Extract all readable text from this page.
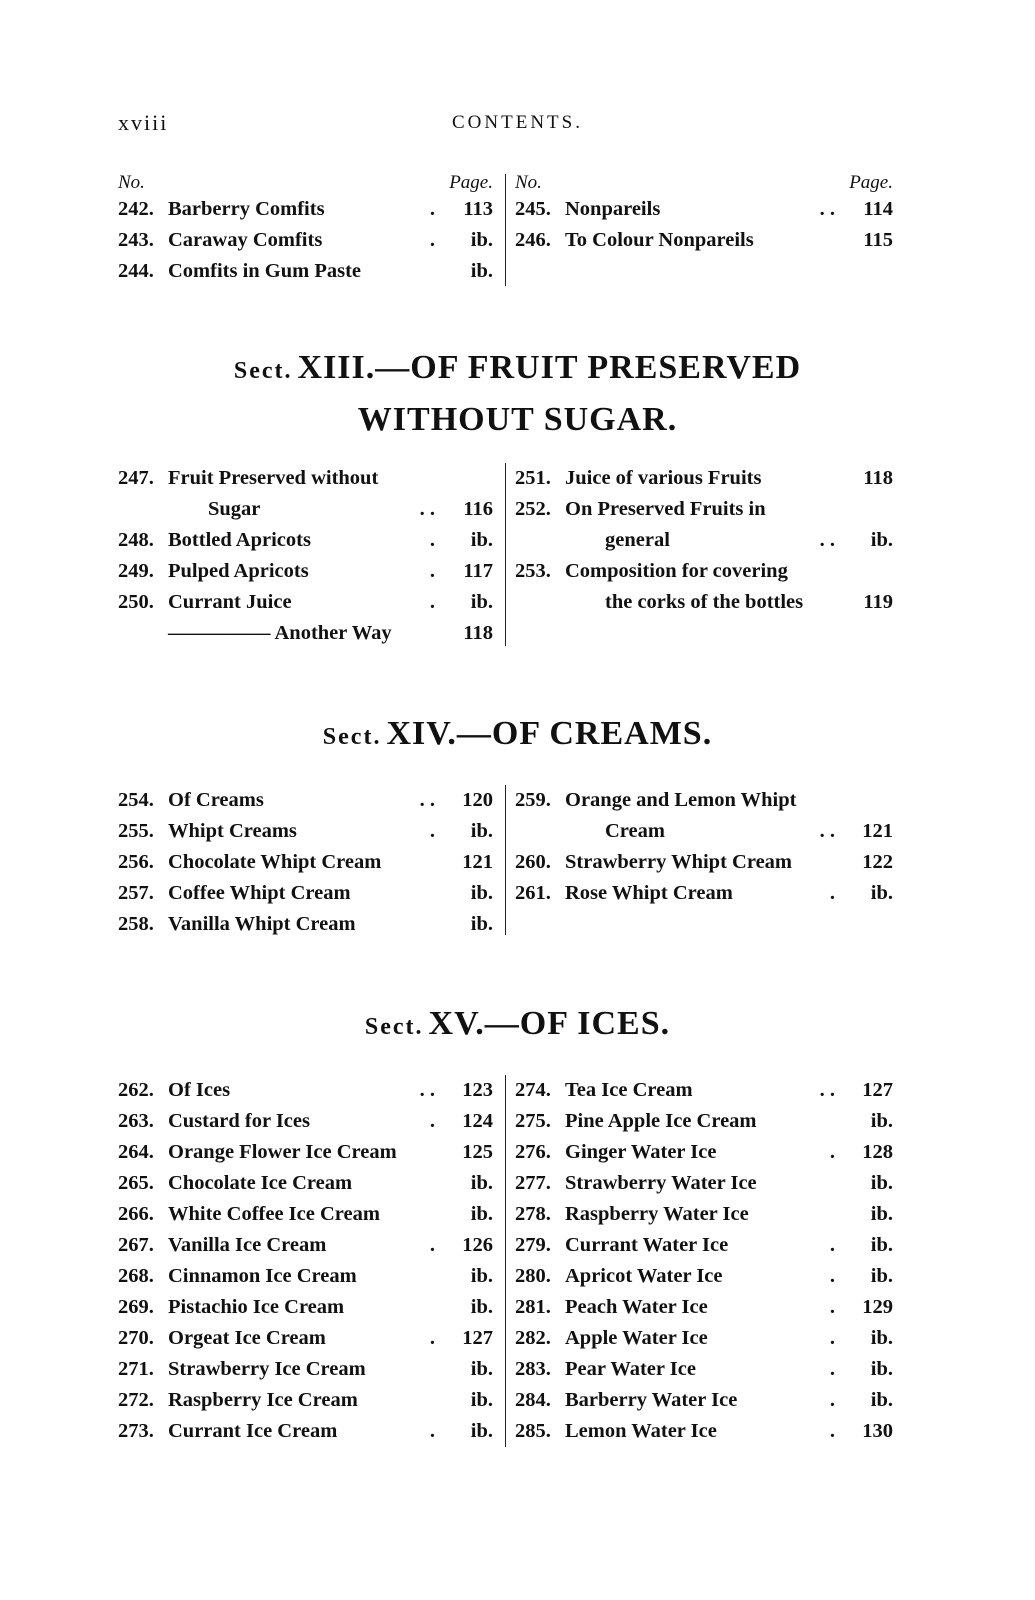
xviii	CONTENTS.
No.	Page.
242. Barberry Comfits	. 113
243. Caraway Comfits	. ib.
244. Comfits in Gum Paste	ib.
No.	Page.
245. Nonpareils	. . 114
246. To Colour Nonpareils	115
Sect. XIII.—OF FRUIT PRESERVED
WITHOUT SUGAR.
247. Fruit Preserved without
Sugar	. . 116
248. Bottled Apricots	. ib.
249. Pulped Apricots	. 117
250. Currant Juice	. ib.
————— Another Way	118
251. Juice of various Fruits	118
252. On Preserved Fruits in
general	. . ib.
253. Composition for covering
the corks of the bottles	119
Sect. XIV.—OF CREAMS.
254. Of Creams	. . 120
255. Whipt Creams	. ib.
256. Chocolate Whipt Cream	121
257. Coffee Whipt Cream	ib.
258. Vanilla Whipt Cream	ib.
259. Orange and Lemon Whipt
Cream	. . 121
260. Strawberry Whipt Cream	122
261. Rose Whipt Cream	. ib.
Sect. XV.—OF ICES.
262. Of Ices	. . 123
263. Custard for Ices	. 124
264. Orange Flower Ice Cream	125
265. Chocolate Ice Cream	ib.
266. White Coffee Ice Cream	ib.
267. Vanilla Ice Cream	. 126
268. Cinnamon Ice Cream	ib.
269. Pistachio Ice Cream	ib.
270. Orgeat Ice Cream	. 127
271. Strawberry Ice Cream	ib.
272. Raspberry Ice Cream	ib.
273. Currant Ice Cream	. ib.
274. Tea Ice Cream	. . 127
275. Pine Apple Ice Cream	ib.
276. Ginger Water Ice	. 128
277. Strawberry Water Ice	ib.
278. Raspberry Water Ice	ib.
279. Currant Water Ice	. ib.
280. Apricot Water Ice	. ib.
281. Peach Water Ice	. 129
282. Apple Water Ice	. ib.
283. Pear Water Ice	. ib.
284. Barberry Water Ice	. ib.
285. Lemon Water Ice	. 130
